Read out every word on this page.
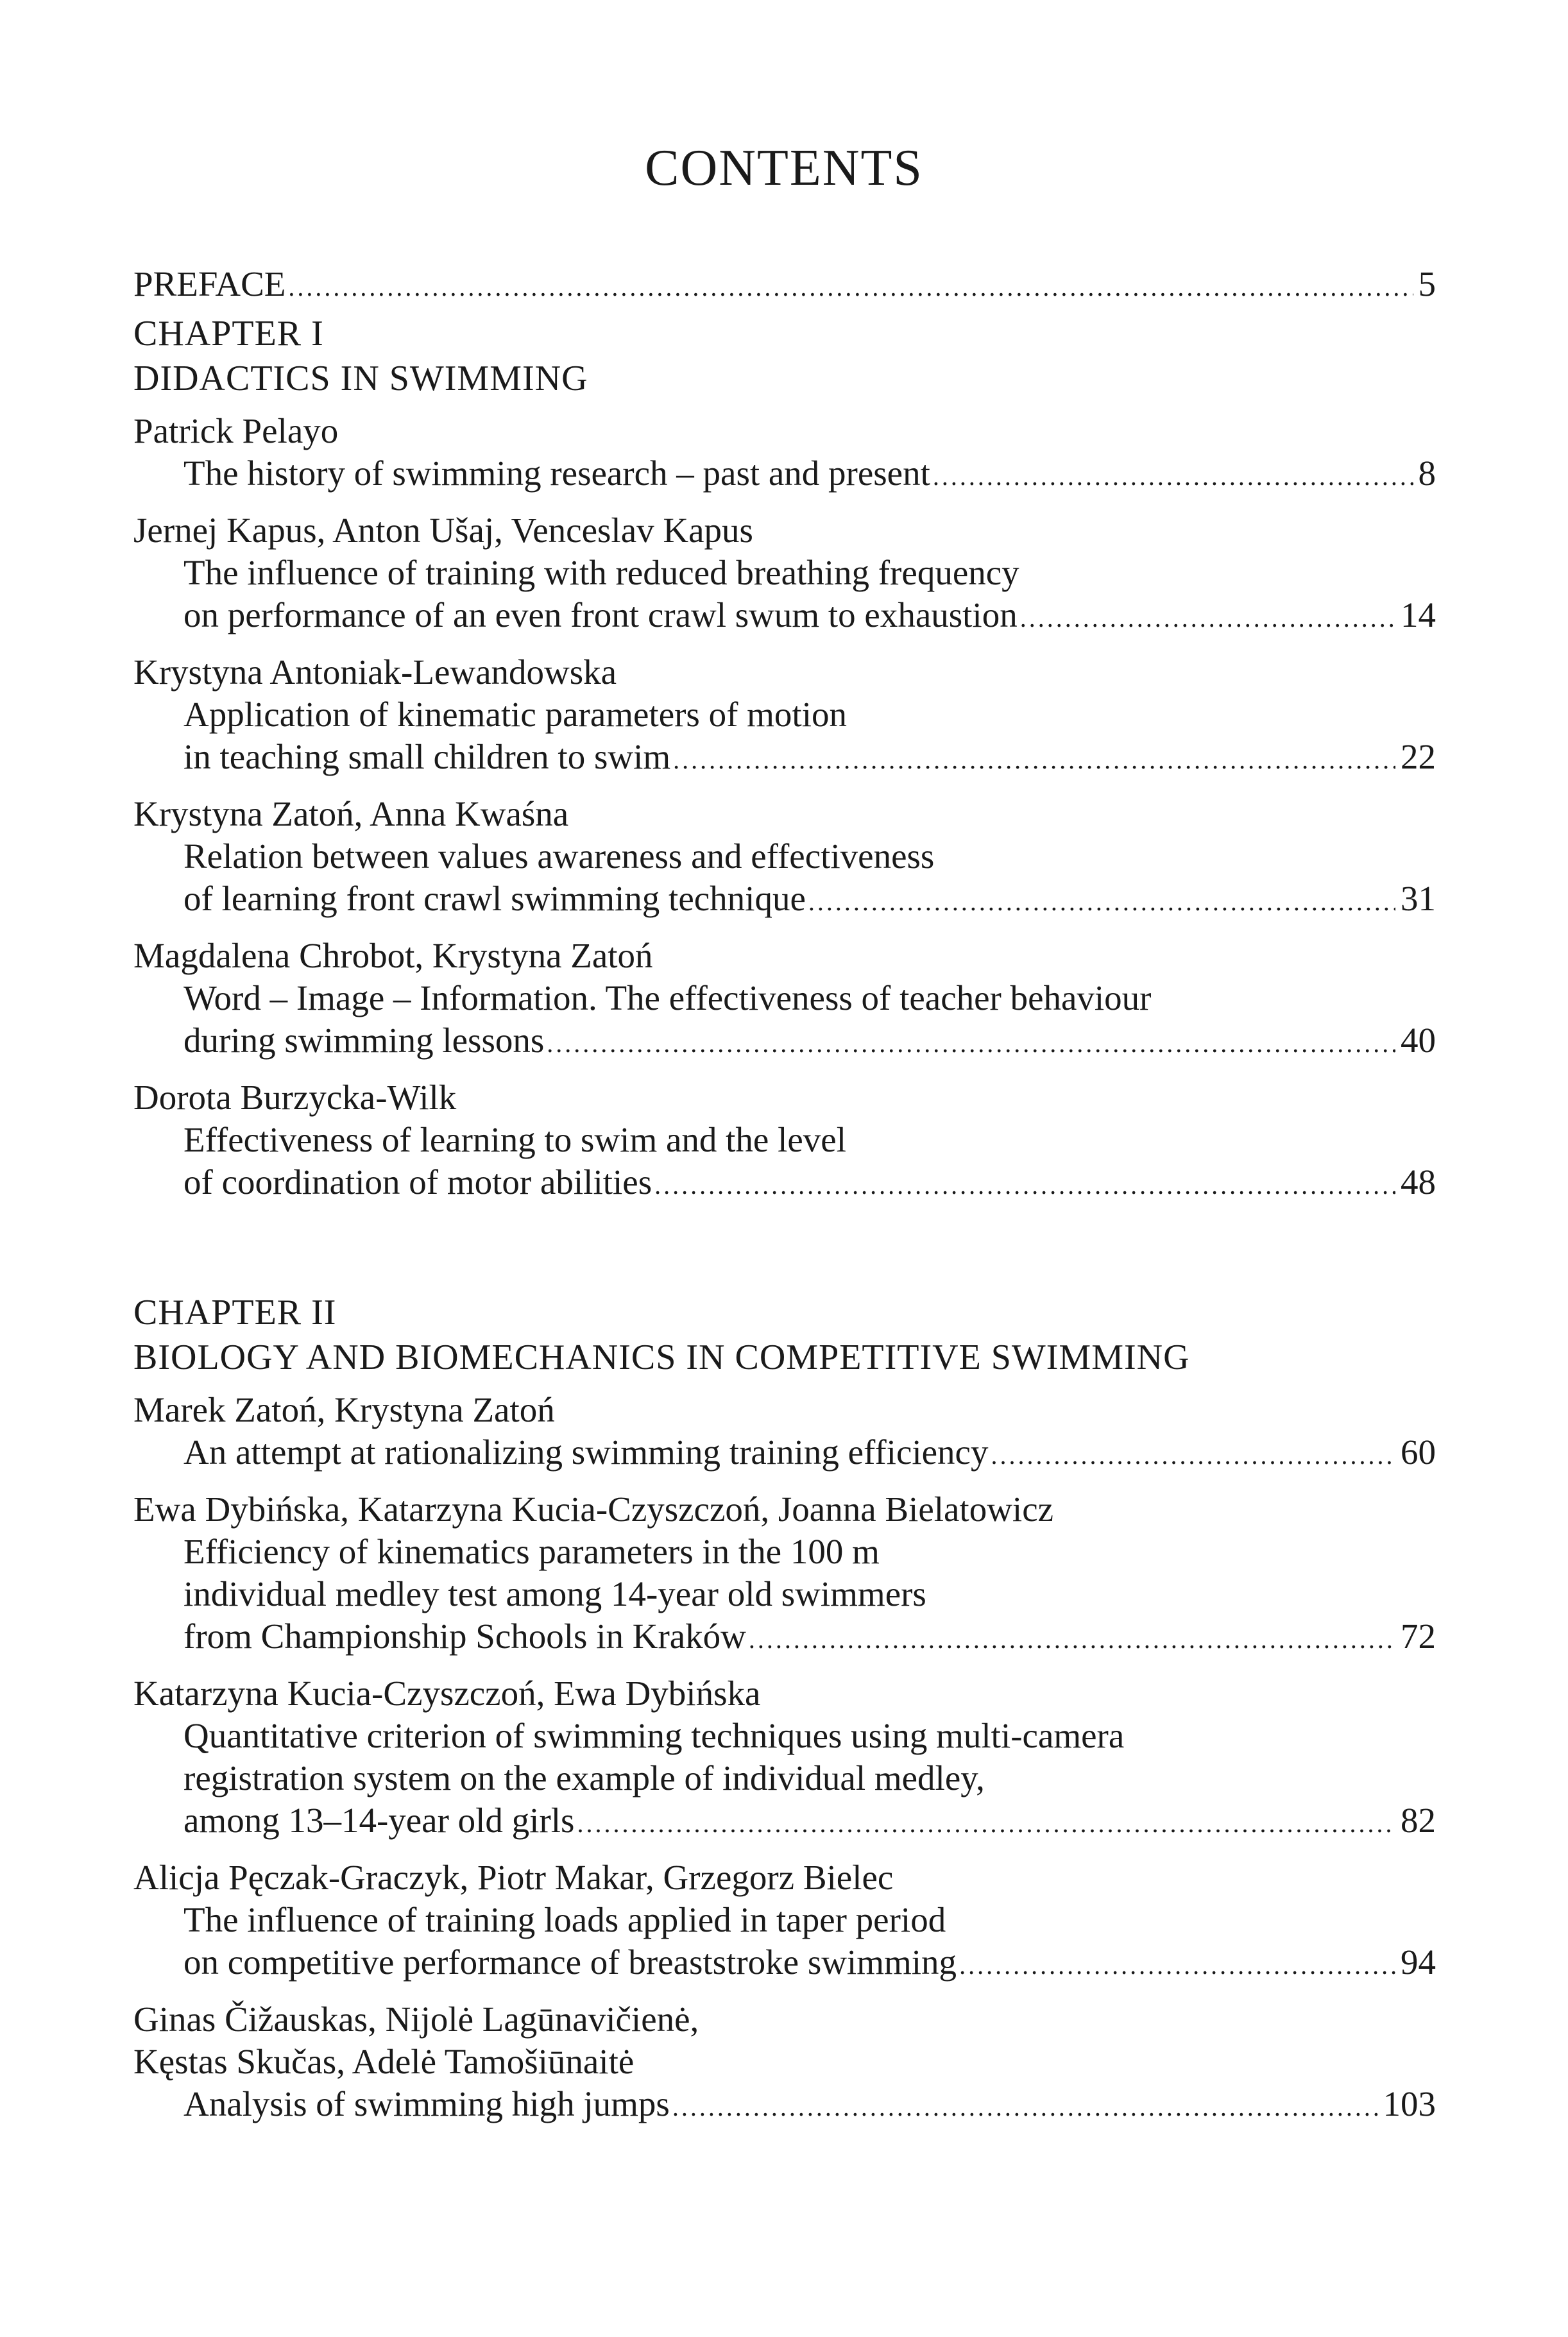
CONTENTS
PREFACE .....	5
CHAPTER I
DIDACTICS IN SWIMMING
Patrick Pelayo
The history of swimming research – past and present .....	8
Jernej Kapus, Anton Ušaj, Venceslav Kapus
The influence of training with reduced breathing frequency
on performance of an even front crawl swum to exhaustion .....	14
Krystyna Antoniak-Lewandowska
Application of kinematic parameters of motion
in teaching small children to swim .....	22
Krystyna Zatoń, Anna Kwaśna
Relation between values awareness and effectiveness
of learning front crawl swimming technique .....	31
Magdalena Chrobot, Krystyna Zatoń
Word – Image – Information. The effectiveness of teacher behaviour
during swimming lessons .....	40
Dorota Burzycka-Wilk
Effectiveness of learning to swim and the level
of coordination of motor abilities .....	48
CHAPTER II
BIOLOGY AND BIOMECHANICS IN COMPETITIVE SWIMMING
Marek Zatoń, Krystyna Zatoń
An attempt at rationalizing swimming training efficiency .....	60
Ewa Dybińska, Katarzyna Kucia-Czyszczoń, Joanna Bielatowicz
Efficiency of kinematics parameters in the 100 m
individual medley test among 14-year old swimmers
from Championship Schools in Kraków .....	72
Katarzyna Kucia-Czyszczoń, Ewa Dybińska
Quantitative criterion of swimming techniques using multi-camera
registration system on the example of individual medley,
among 13–14-year old girls .....	82
Alicja Pęczak-Graczyk, Piotr Makar, Grzegorz Bielec
The influence of training loads applied in taper period
on competitive performance of breaststroke swimming .....	94
Ginas Čižauskas, Nijolė Lagūnavičienė,
Kęstas Skučas, Adelė Tamošiūnaitė
Analysis of swimming high jumps .....	103
